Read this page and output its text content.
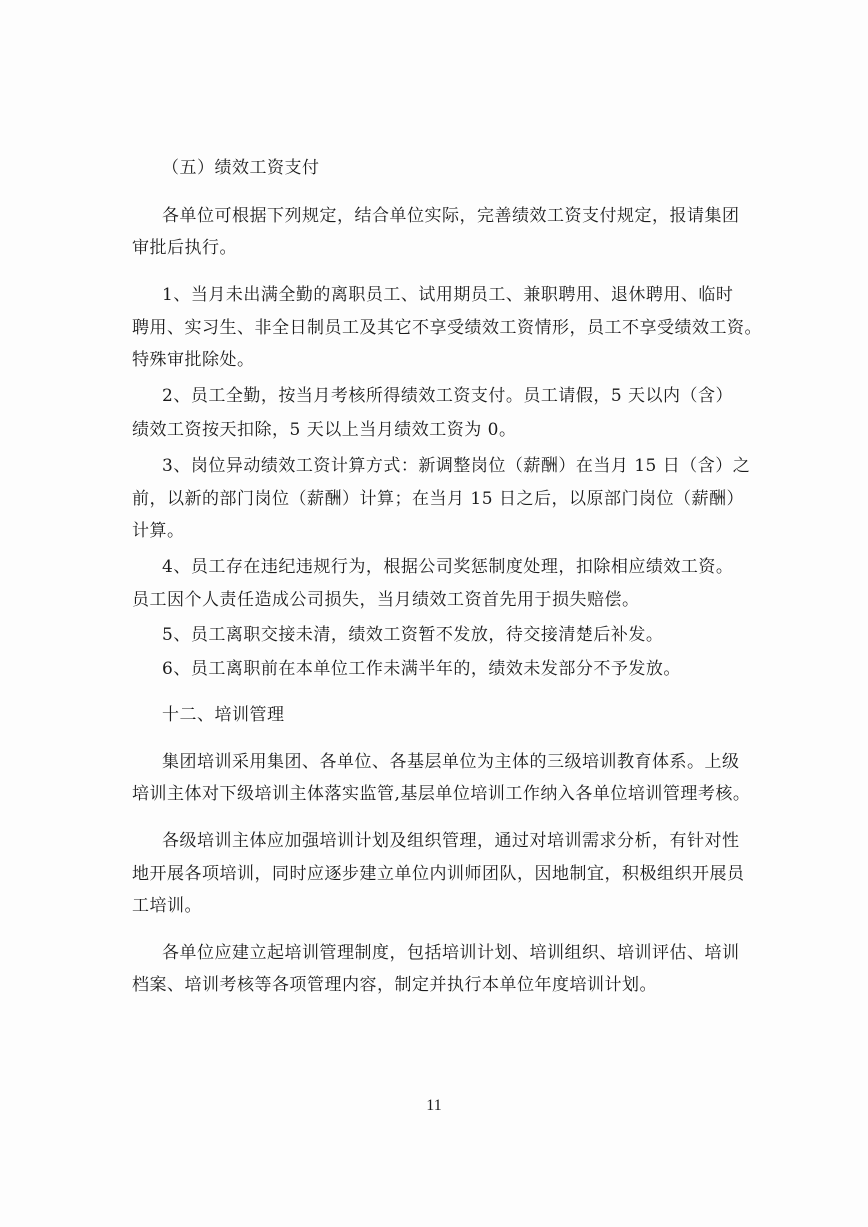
（五）绩效工资支付
各单位可根据下列规定，结合单位实际，完善绩效工资支付规定，报请集团
审批后执行。
1、当月未出满全勤的离职员工、试用期员工、兼职聘用、退休聘用、临时
聘用、实习生、非全日制员工及其它不享受绩效工资情形，员工不享受绩效工资。
特殊审批除处。
2、员工全勤，按当月考核所得绩效工资支付。员工请假，5 天以内（含）
绩效工资按天扣除，5 天以上当月绩效工资为 0。
3、岗位异动绩效工资计算方式：新调整岗位（薪酬）在当月 15 日（含）之
前，以新的部门岗位（薪酬）计算；在当月 15 日之后，以原部门岗位（薪酬）
计算。
4、员工存在违纪违规行为，根据公司奖惩制度处理，扣除相应绩效工资。
员工因个人责任造成公司损失，当月绩效工资首先用于损失赔偿。
5、员工离职交接未清，绩效工资暂不发放，待交接清楚后补发。
6、员工离职前在本单位工作未满半年的，绩效未发部分不予发放。
十二、培训管理
集团培训采用集团、各单位、各基层单位为主体的三级培训教育体系。上级
培训主体对下级培训主体落实监管,基层单位培训工作纳入各单位培训管理考核。
各级培训主体应加强培训计划及组织管理，通过对培训需求分析，有针对性
地开展各项培训，同时应逐步建立单位内训师团队，因地制宜，积极组织开展员
工培训。
各单位应建立起培训管理制度，包括培训计划、培训组织、培训评估、培训
档案、培训考核等各项管理内容，制定并执行本单位年度培训计划。
11
